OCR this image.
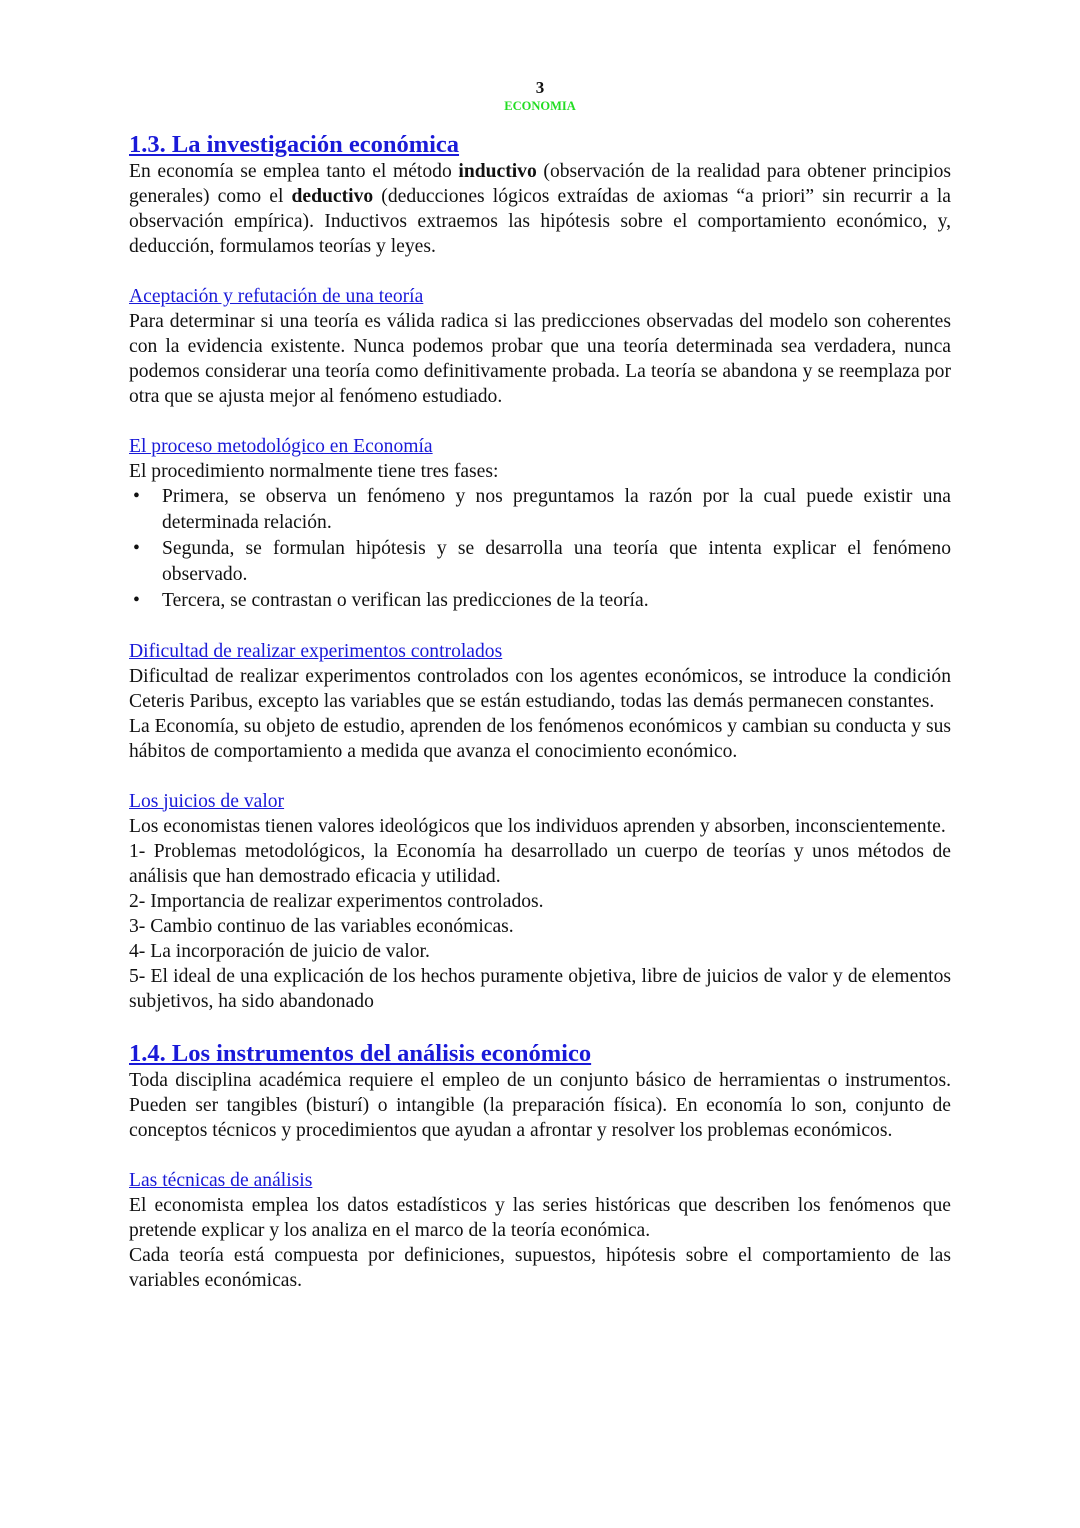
3
ECONOMIA
1.3. La investigación económica

En economía se emplea tanto el método inductivo (observación de la realidad para obtener principios generales) como el deductivo (deducciones lógicos extraídas de axiomas “a priori” sin recurrir a la observación empírica). Inductivos extraemos las hipótesis sobre el comportamiento económico, y, deducción, formulamos teorías y leyes.

Aceptación y refutación de una teoría

Para determinar si una teoría es válida radica si las predicciones observadas del modelo son coherentes con la evidencia existente. Nunca podemos probar que una teoría determinada sea verdadera, nunca podemos considerar una teoría como definitivamente probada. La teoría se abandona y se reemplaza por otra que se ajusta mejor al fenómeno estudiado.

El proceso metodológico en Economía

El procedimiento normalmente tiene tres fases:

• Primera, se observa un fenómeno y nos preguntamos la razón por la cual puede existir una determinada relación.
• Segunda, se formulan hipótesis y se desarrolla una teoría que intenta explicar el fenómeno observado.
• Tercera, se contrastan o verifican las predicciones de la teoría.
Dificultad de realizar experimentos controlados

Dificultad de realizar experimentos controlados con los agentes económicos, se introduce la condición Ceteris Paribus, excepto las variables que se están estudiando, todas las demás permanecen constantes.

La Economía, su objeto de estudio, aprenden de los fenómenos económicos y cambian su conducta y sus hábitos de comportamiento a medida que avanza el conocimiento económico.

Los juicios de valor

Los economistas tienen valores ideológicos que los individuos aprenden y absorben, inconscientemente.

1- Problemas metodológicos, la Economía ha desarrollado un cuerpo de teorías y unos métodos de análisis que han demostrado eficacia y utilidad.

2- Importancia de realizar experimentos controlados.

3- Cambio continuo de las variables económicas.

4- La incorporación de juicio de valor.

5- El ideal de una explicación de los hechos puramente objetiva, libre de juicios de valor y de elementos subjetivos, ha sido abandonado

1.4. Los instrumentos del análisis económico

Toda disciplina académica requiere el empleo de un conjunto básico de herramientas o instrumentos. Pueden ser tangibles (bisturí) o intangible (la preparación física). En economía lo son, conjunto de conceptos técnicos y procedimientos que ayudan a afrontar y resolver los problemas económicos.

Las técnicas de análisis

El economista emplea los datos estadísticos y las series históricas que describen los fenómenos que pretende explicar y los analiza en el marco de la teoría económica.

Cada teoría está compuesta por definiciones, supuestos, hipótesis sobre el comportamiento de las variables económicas.
